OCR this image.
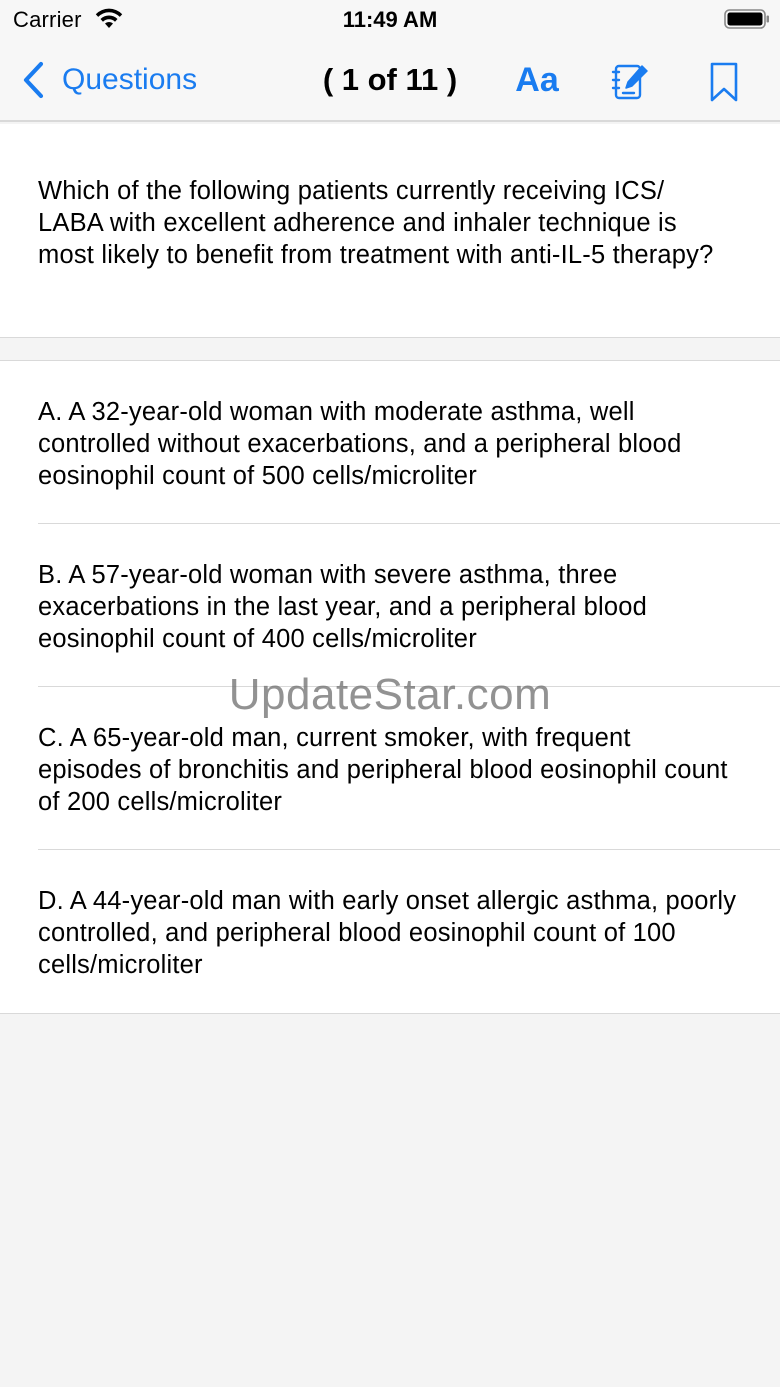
Carrier	11:49 AM
Questions	( 1 of 11 )	Aa
Which of the following patients currently receiving ICS/ LABA with excellent adherence and inhaler technique is most likely to benefit from treatment with anti-IL-5 therapy?
A. A 32-year-old woman with moderate asthma, well controlled without exacerbations, and a peripheral blood eosinophil count of 500 cells/microliter
B. A 57-year-old woman with severe asthma, three exacerbations in the last year, and a peripheral blood eosinophil count of 400 cells/microliter
C. A 65-year-old man, current smoker, with frequent episodes of bronchitis and peripheral blood eosinophil count of 200 cells/microliter
D. A 44-year-old man with early onset allergic asthma, poorly controlled, and peripheral blood eosinophil count of 100 cells/microliter
UpdateStar.com
